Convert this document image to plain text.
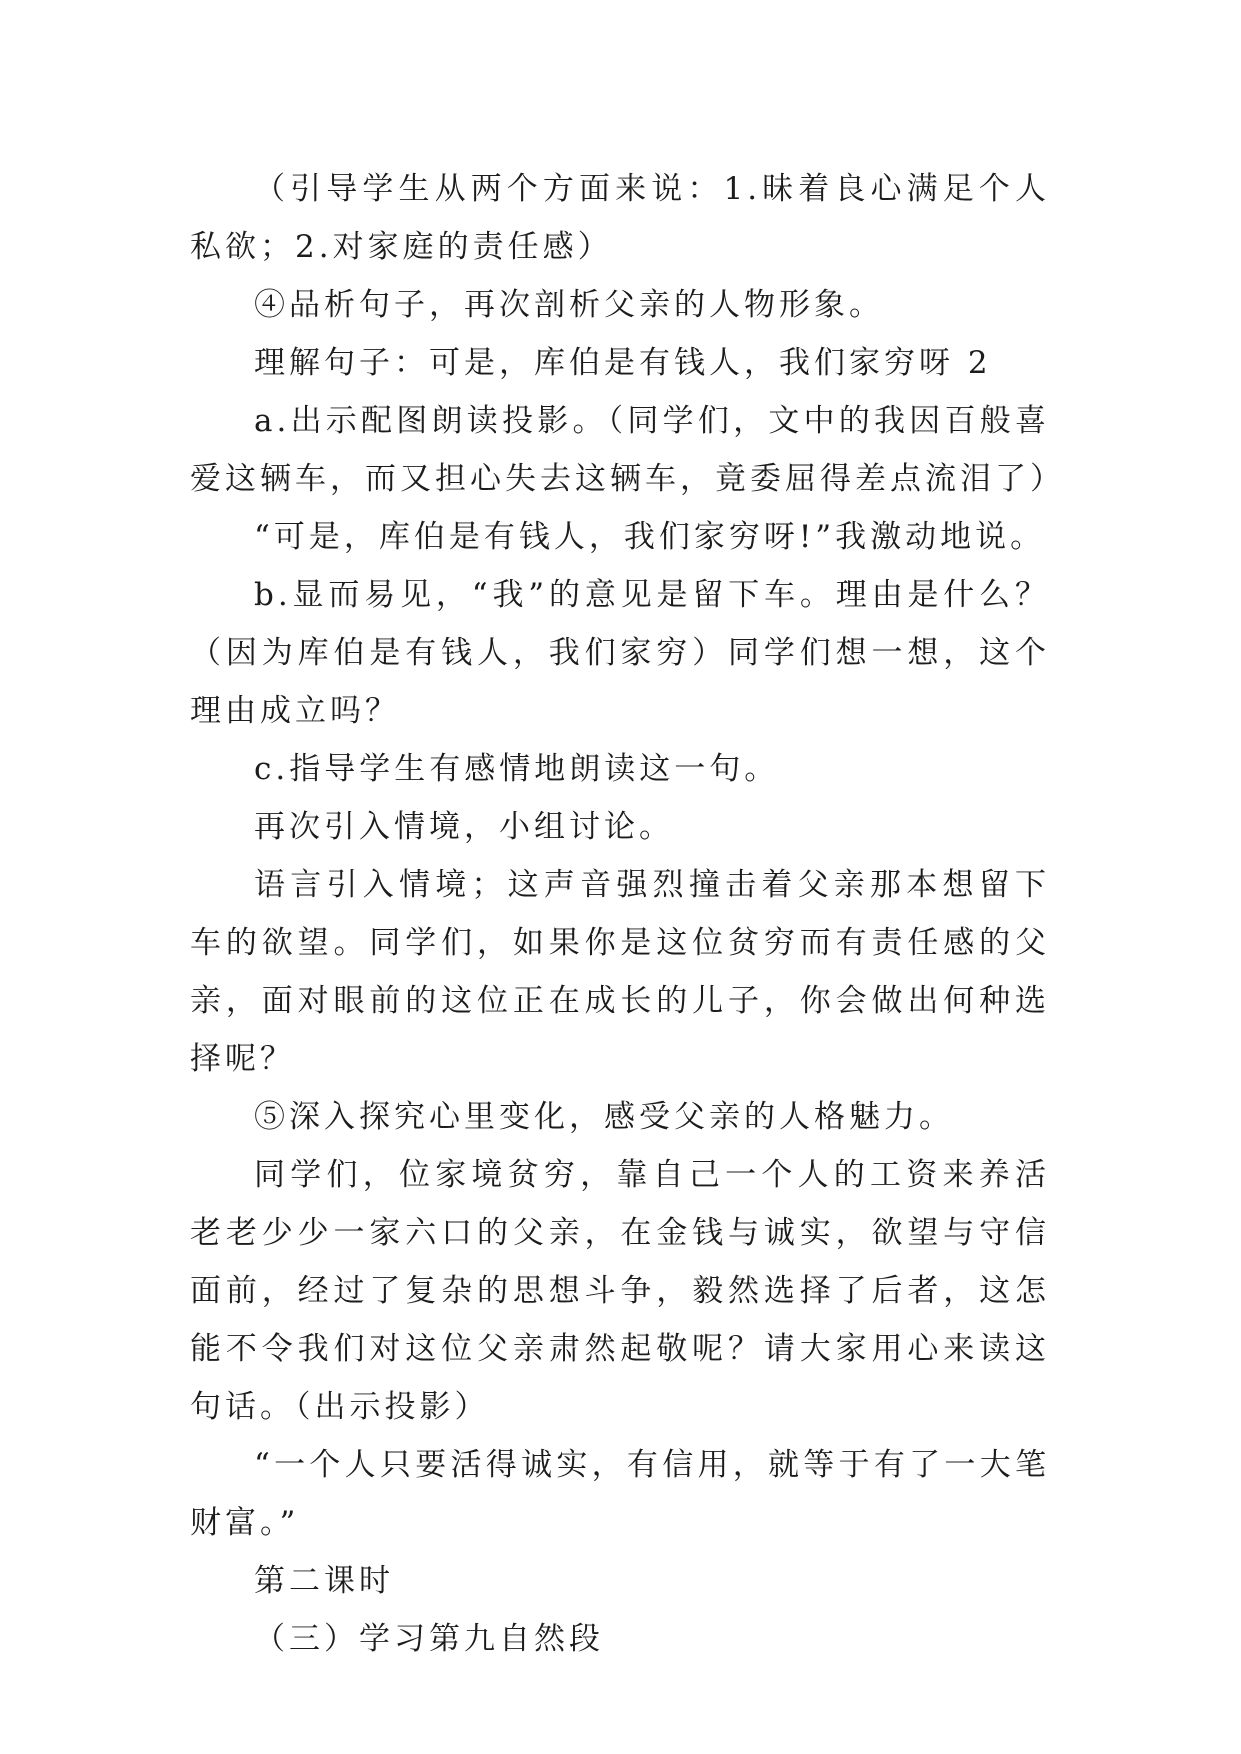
（引导学生从两个方面来说：1.昧着良心满足个人私欲；2.对家庭的责任感）

④品析句子，再次剖析父亲的人物形象。

理解句子：可是，库伯是有钱人，我们家穷呀 2

a.出示配图朗读投影。（同学们，文中的我因百般喜爱这辆车，而又担心失去这辆车，竟委屈得差点流泪了）

“可是，库伯是有钱人，我们家穷呀!”我激动地说。

b.显而易见，“我”的意见是留下车。理由是什么？（因为库伯是有钱人，我们家穷）同学们想一想，这个理由成立吗？

c.指导学生有感情地朗读这一句。

再次引入情境，小组讨论。

语言引入情境；这声音强烈撞击着父亲那本想留下车的欲望。同学们，如果你是这位贫穷而有责任感的父亲，面对眼前的这位正在成长的儿子，你会做出何种选择呢？

⑤深入探究心里变化，感受父亲的人格魅力。

同学们，位家境贫穷，靠自己一个人的工资来养活老老少少一家六口的父亲，在金钱与诚实，欲望与守信面前，经过了复杂的思想斗争，毅然选择了后者，这怎能不令我们对这位父亲肃然起敬呢？请大家用心来读这句话。（出示投影）

“一个人只要活得诚实，有信用，就等于有了一大笔财富。”

第二课时

（三）学习第九自然段
